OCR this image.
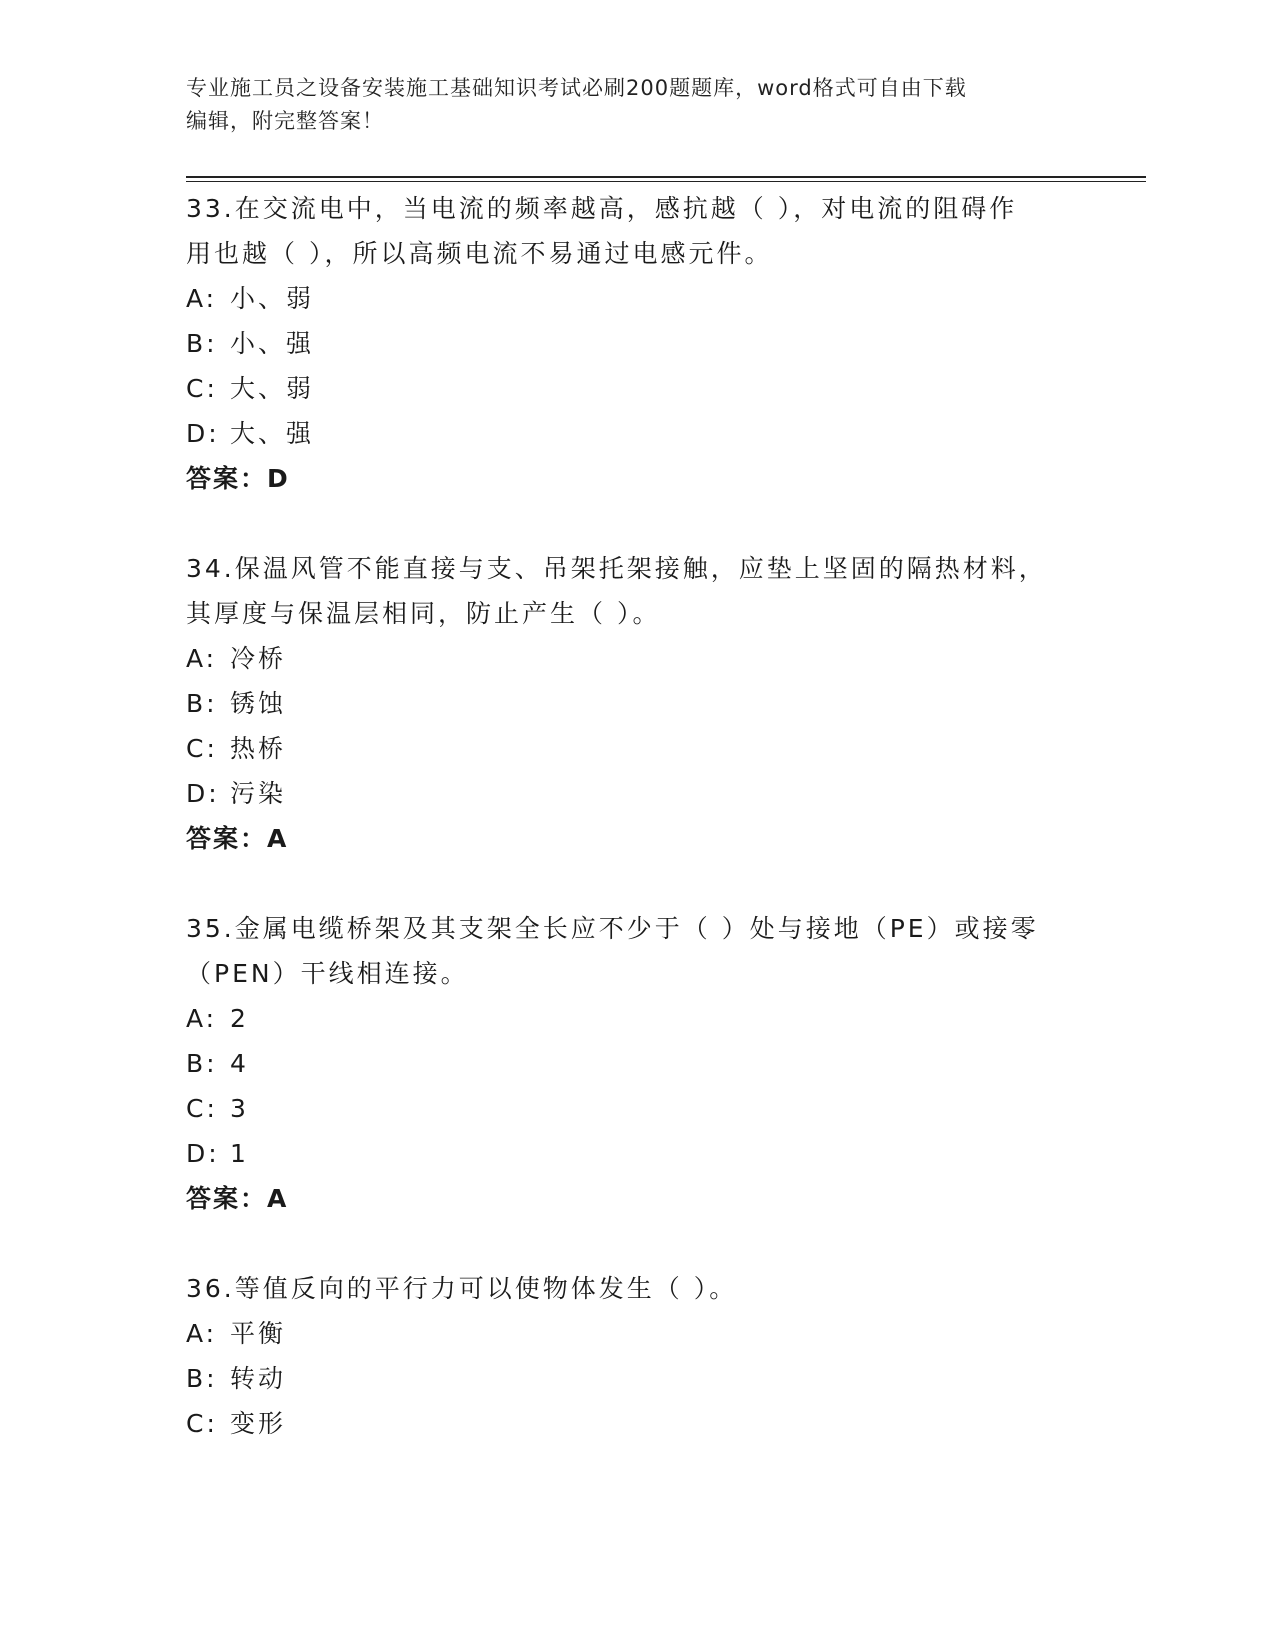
专业施工员之设备安装施工基础知识考试必刷200题题库，word格式可自由下载
编辑，附完整答案！

33.在交流电中，当电流的频率越高，感抗越（ ），对电流的阻碍作
用也越（ ），所以高频电流不易通过电感元件。

A: 小、弱

B: 小、强

C: 大、弱

D: 大、强

答案：D

34.保温风管不能直接与支、吊架托架接触，应垫上坚固的隔热材料，
其厚度与保温层相同，防止产生（ ）。

A: 冷桥

B: 锈蚀

C: 热桥

D: 污染

答案：A

35.金属电缆桥架及其支架全长应不少于（ ）处与接地（PE）或接零
（PEN）干线相连接。

A: 2

B: 4

C: 3

D: 1

答案：A

36.等值反向的平行力可以使物体发生（ ）。

A: 平衡

B: 转动

C: 变形
